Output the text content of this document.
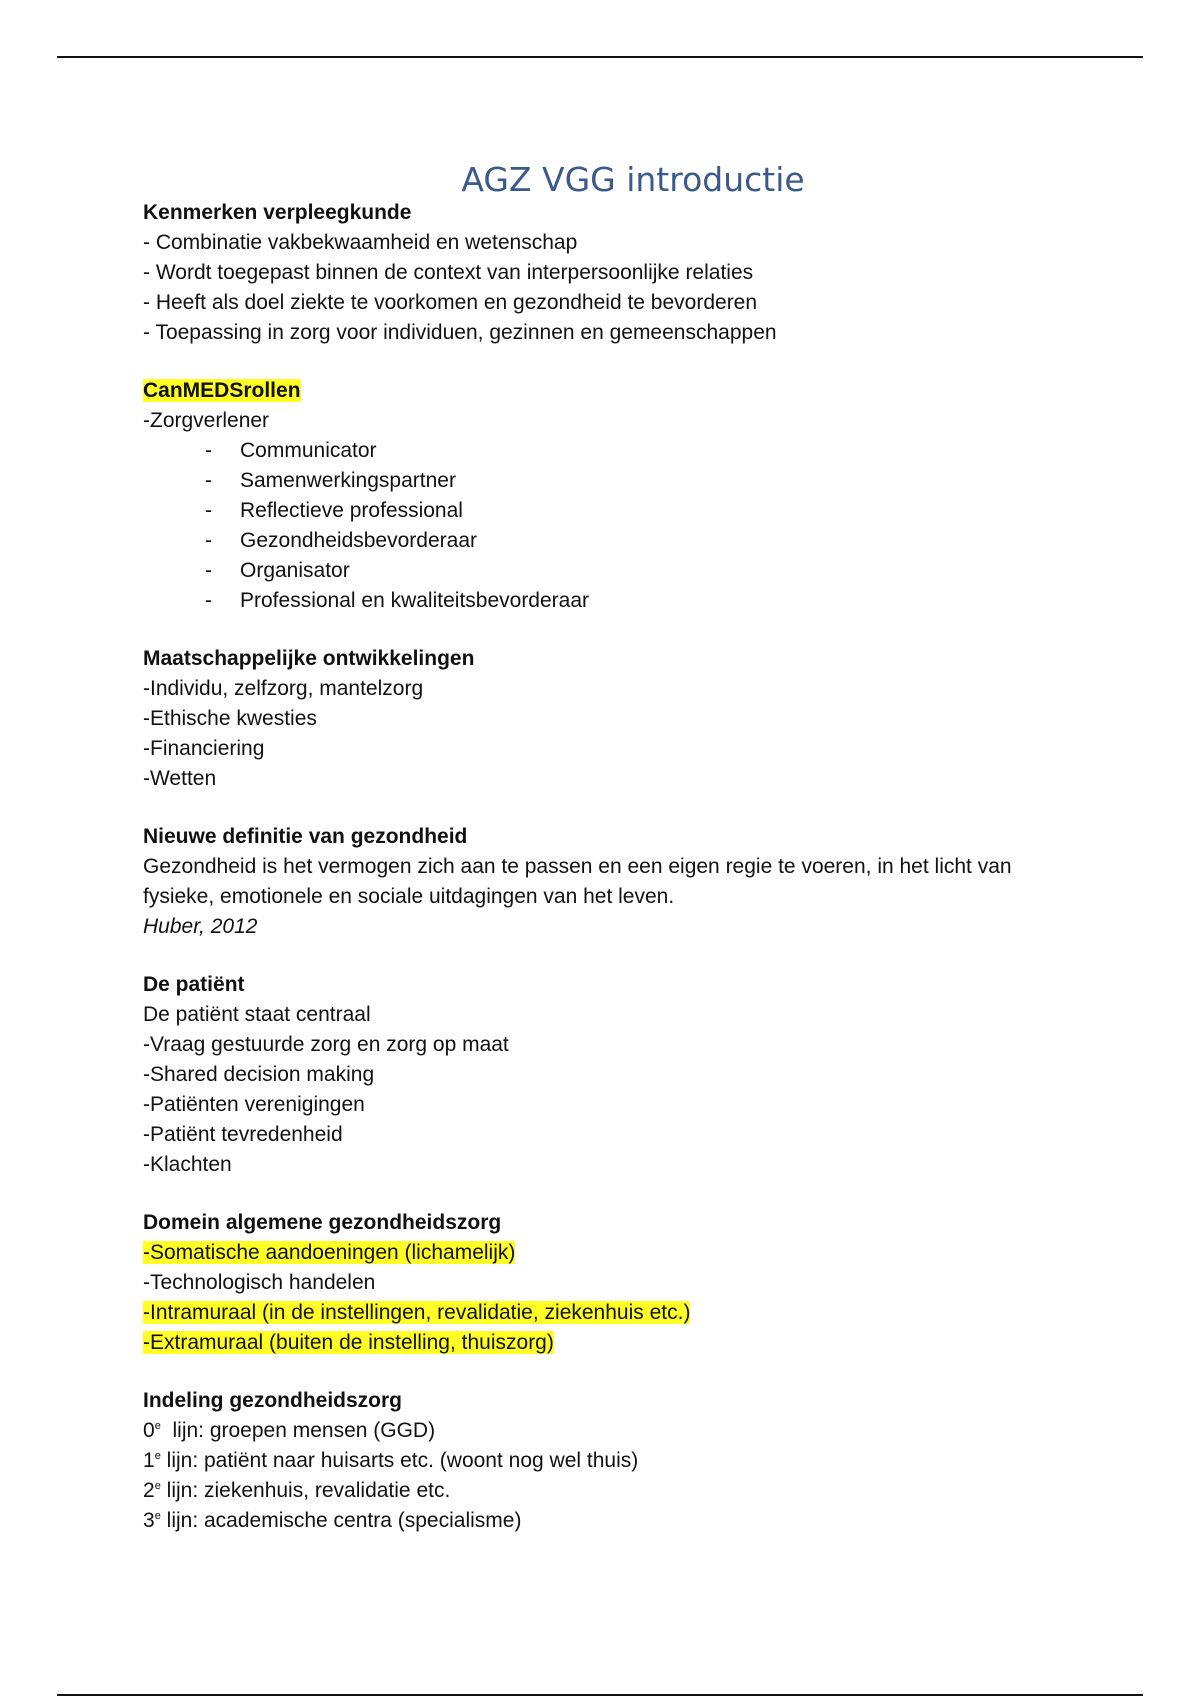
AGZ VGG introductie
Kenmerken verpleegkunde
- Combinatie vakbekwaamheid en wetenschap
- Wordt toegepast binnen de context van interpersoonlijke relaties
- Heeft als doel ziekte te voorkomen en gezondheid te bevorderen
- Toepassing in zorg voor individuen, gezinnen en gemeenschappen
CanMEDSrollen
-Zorgverlener
- Communicator
- Samenwerkingspartner
- Reflectieve professional
- Gezondheidsbevorderaar
- Organisator
- Professional en kwaliteitsbevorderaar
Maatschappelijke ontwikkelingen
-Individu, zelfzorg, mantelzorg
-Ethische kwesties
-Financiering
-Wetten
Nieuwe definitie van gezondheid
Gezondheid is het vermogen zich aan te passen en een eigen regie te voeren, in het licht van fysieke, emotionele en sociale uitdagingen van het leven.
Huber, 2012
De patiënt
De patiënt staat centraal
-Vraag gestuurde zorg en zorg op maat
-Shared decision making
-Patiënten verenigingen
-Patiënt tevredenheid
-Klachten
Domein algemene gezondheidszorg
-Somatische aandoeningen (lichamelijk)
-Technologisch handelen
-Intramuraal (in de instellingen, revalidatie, ziekenhuis etc.)
-Extramuraal (buiten de instelling, thuiszorg)
Indeling gezondheidszorg
0e  lijn: groepen mensen (GGD)
1e lijn: patiënt naar huisarts etc. (woont nog wel thuis)
2e lijn: ziekenhuis, revalidatie etc.
3e lijn: academische centra (specialisme)
